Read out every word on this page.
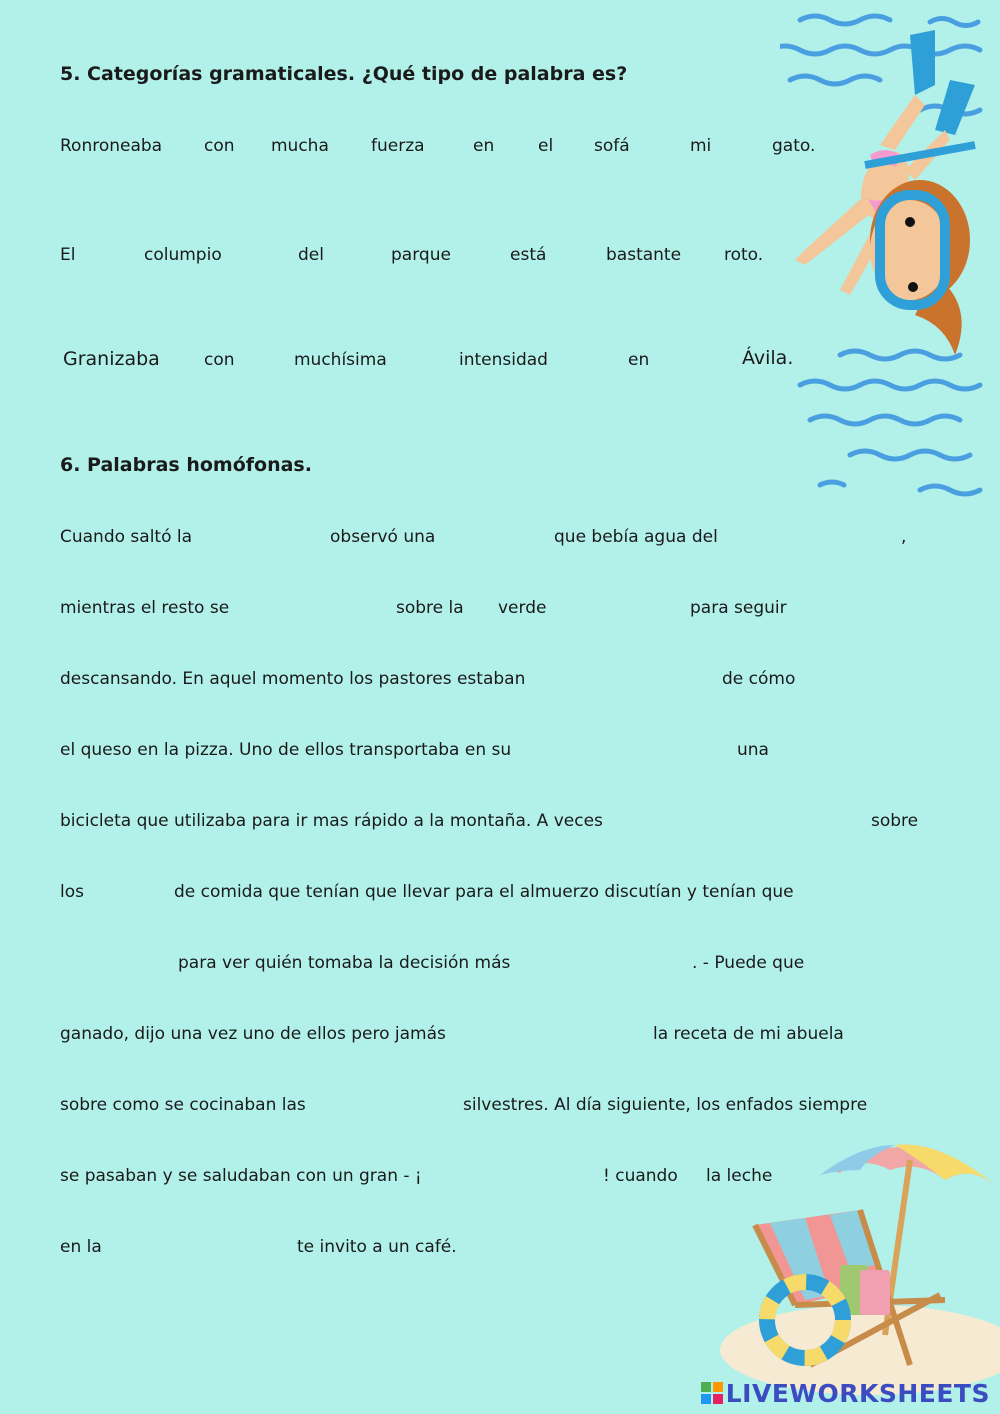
5. Categorías gramaticales. ¿Qué tipo de palabra es?
Ronroneaba con mucha fuerza	en	el sofá	mi	gato.
El	columpio	del	parque	está	bastante	roto.
Granizaba	con	muchísima	intensidad	en	Ávila.
6. Palabras homófonas.
Cuando saltó la	observó una	que bebía agua del	,
mientras el resto se	sobre la verde	para seguir
descansando. En aquel momento los pastores estaban	de cómo
el queso en la pizza. Uno de ellos transportaba en su	una
bicicleta que utilizaba para ir mas rápido a la montaña. A veces	sobre
los	de comida que tenían que llevar para el almuerzo discutían y tenían que
para ver quién tomaba la decisión más	. - Puede que
ganado, dijo una vez uno de ellos pero jamás	la receta de mi abuela
sobre como se cocinaban las	silvestres. Al día siguiente, los enfados siempre
se pasaban y se saludaban con un gran - ¡	! cuando la leche
en la	te invito a un café.
LIVEWORKSHEETS
